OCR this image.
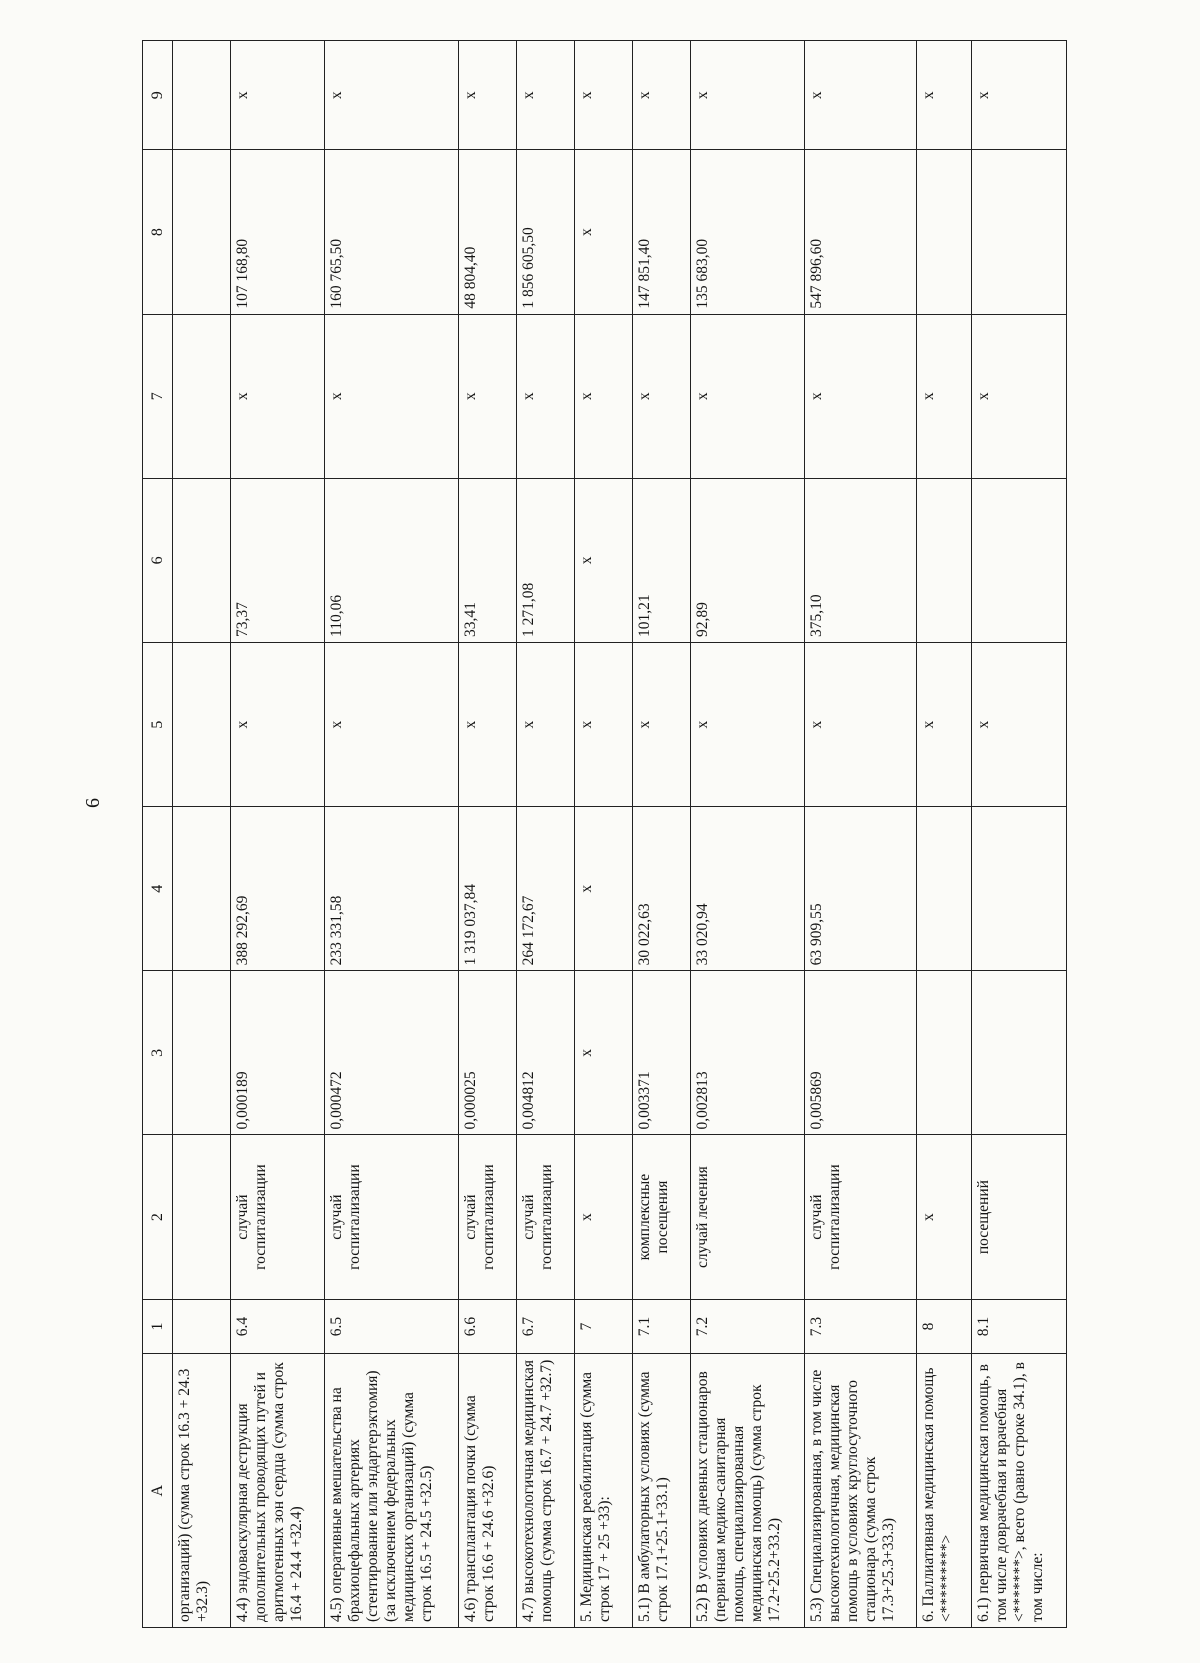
6
A	1	2	3	4	5	6	7	8	9
организаций) (сумма строк 16.3 + 24.3 +32.3)									
4.4) эндоваскулярная деструкция дополнительных проводящих путей и аритмогенных зон сердца (сумма строк 16.4 + 24.4 +32.4)	6.4	случай госпитализации	0,000189	388 292,69	х	73,37	х	107 168,80	х
4.5) оперативные вмешательства на брахиоцефальных артериях (стентирование или эндартерэктомия) (за исключением федеральных медицинских организаций) (сумма строк 16.5 + 24.5 +32.5)	6.5	случай госпитализации	0,000472	233 331,58	х	110,06	х	160 765,50	х
4.6) трансплантация почки (сумма строк 16.6 + 24.6 +32.6)	6.6	случай госпитализации	0,000025	1 319 037,84	х	33,41	х	48 804,40	х
4.7) высокотехнологичная медицинская помощь (сумма строк 16.7 + 24.7 +32.7)	6.7	случай госпитализации	0,004812	264 172,67	х	1 271,08	х	1 856 605,50	х
5. Медицинская реабилитация (сумма строк 17 + 25 +33):	7	х	х	х	х	х	х	х	х
5.1) В амбулаторных условиях (сумма строк 17.1+25.1+33.1)	7.1	комплексные посещения	0,003371	30 022,63	х	101,21	х	147 851,40	х
5.2) В условиях дневных стационаров (первичная медико-санитарная помощь, специализированная медицинская помощь) (сумма строк 17.2+25.2+33.2)	7.2	случай лечения	0,002813	33 020,94	х	92,89	х	135 683,00	х
5.3) Специализированная, в том числе высокотехнологичная, медицинская помощь в условиях круглосуточного стационара (сумма строк 17.3+25.3+33.3)	7.3	случай госпитализации	0,005869	63 909,55	х	375,10	х	547 896,60	х
6. Паллиативная медицинская помощь <*********>	8	х			х		х		х
6.1) первичная медицинская помощь, в том числе доврачебная и врачебная <*******>, всего (равно строке 34.1), в том числе:	8.1	посещений			х		х		х
